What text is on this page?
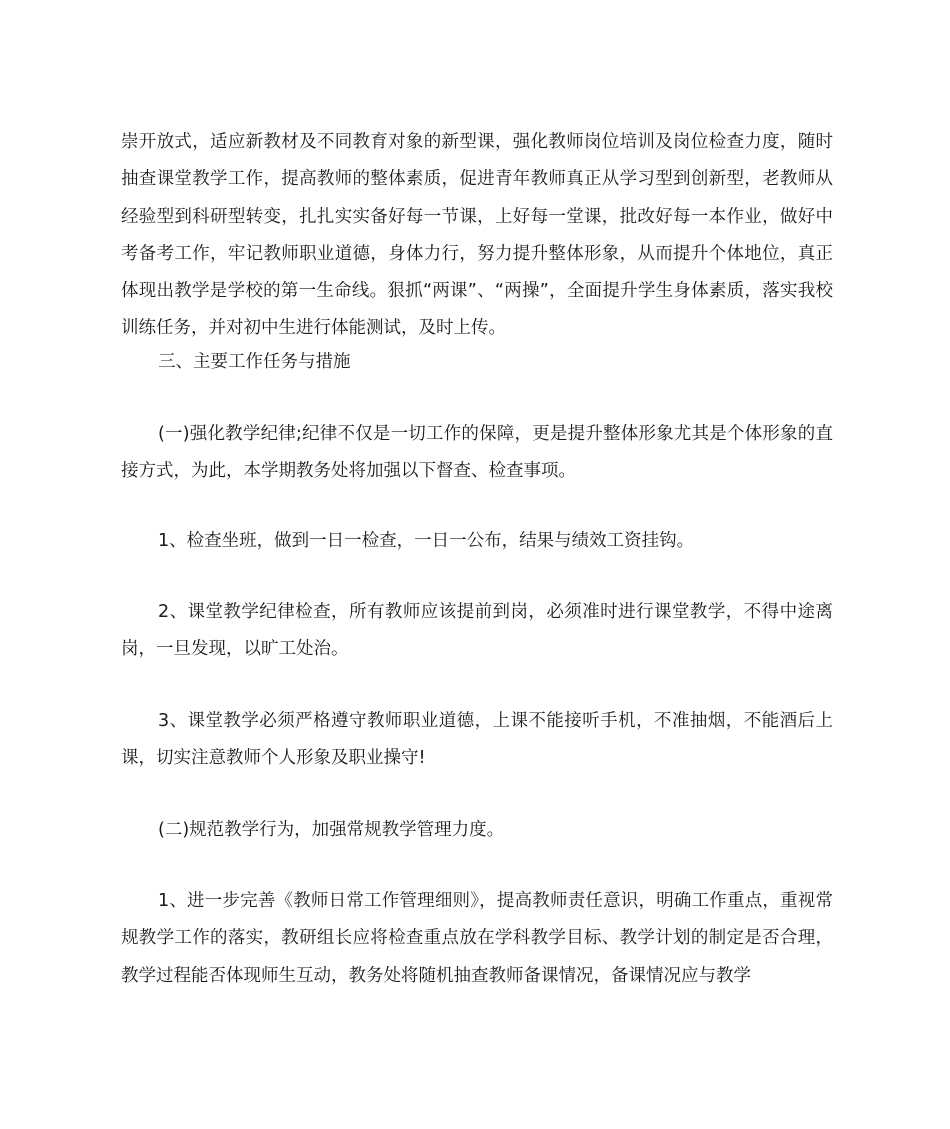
崇开放式，适应新教材及不同教育对象的新型课，强化教师岗位培训及岗位检查力度，随时抽查课堂教学工作，提高教师的整体素质，促进青年教师真正从学习型到创新型，老教师从经验型到科研型转变，扎扎实实备好每一节课，上好每一堂课，批改好每一本作业，做好中考备考工作，牢记教师职业道德，身体力行，努力提升整体形象，从而提升个体地位，真正体现出教学是学校的第一生命线。狠抓“两课”、“两操”，全面提升学生身体素质，落实我校训练任务，并对初中生进行体能测试，及时上传。

三、主要工作任务与措施

(一)强化教学纪律;纪律不仅是一切工作的保障，更是提升整体形象尤其是个体形象的直接方式，为此，本学期教务处将加强以下督查、检查事项。

1、检查坐班，做到一日一检查，一日一公布，结果与绩效工资挂钩。

2、课堂教学纪律检查，所有教师应该提前到岗，必须准时进行课堂教学，不得中途离岗，一旦发现，以旷工处治。

3、课堂教学必须严格遵守教师职业道德，上课不能接听手机，不准抽烟，不能酒后上课，切实注意教师个人形象及职业操守!

(二)规范教学行为，加强常规教学管理力度。

1、进一步完善《教师日常工作管理细则》，提高教师责任意识，明确工作重点，重视常规教学工作的落实，教研组长应将检查重点放在学科教学目标、教学计划的制定是否合理，教学过程能否体现师生互动，教务处将随机抽查教师备课情况，备课情况应与教学
